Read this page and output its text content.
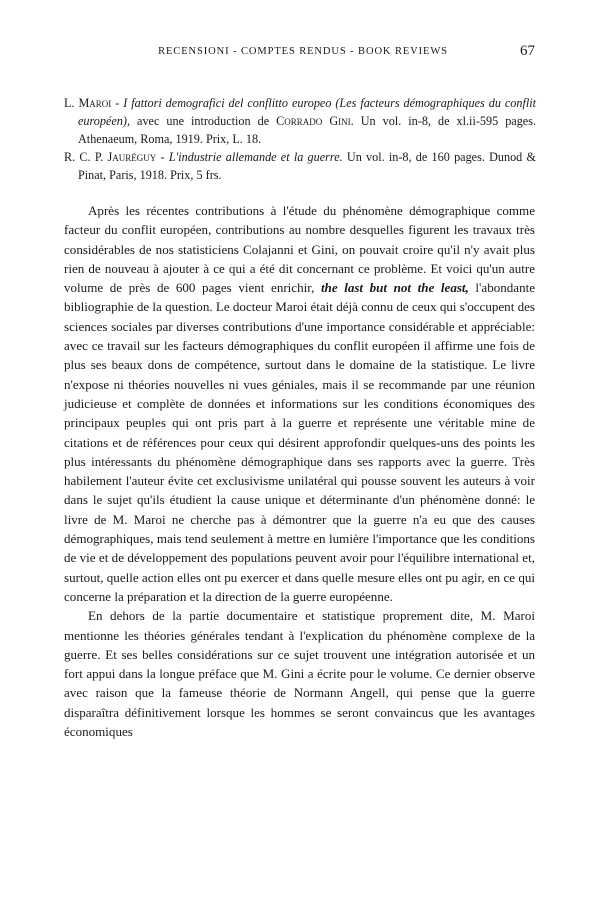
RECENSIONI - COMPTES RENDUS - BOOK REVIEWS	67

L. Maroi - I fattori demografici del conflitto europeo (Les facteurs démographiques du conflit européen), avec une introduction de Corrado Gini. Un vol. in-8, de xl.ii-595 pages. Athenaeum, Roma, 1919. Prix, L. 18.

R. C. P. Jauréguy - L'industrie allemande et la guerre. Un vol. in-8, de 160 pages. Dunod & Pinat, Paris, 1918. Prix, 5 frs.

Après les récentes contributions à l'étude du phénomène démographique comme facteur du conflit européen, contributions au nombre desquelles figurent les travaux très considérables de nos statisticiens Colajanni et Gini, on pouvait croire qu'il n'y avait plus rien de nouveau à ajouter à ce qui a été dit concernant ce problème. Et voici qu'un autre volume de près de 600 pages vient enrichir, the last but not the least, l'abondante bibliographie de la question. Le docteur Maroi était déjà connu de ceux qui s'occupent des sciences sociales par diverses contributions d'une importance considérable et appréciable: avec ce travail sur les facteurs démographiques du conflit européen il affirme une fois de plus ses beaux dons de compétence, surtout dans le domaine de la statistique. Le livre n'expose ni théories nouvelles ni vues géniales, mais il se recommande par une réunion judicieuse et complète de données et informations sur les conditions économiques des principaux peuples qui ont pris part à la guerre et représente une véritable mine de citations et de références pour ceux qui désirent approfondir quelques-uns des points les plus intéressants du phénomène démographique dans ses rapports avec la guerre. Très habilement l'auteur évite cet exclusivisme unilatéral qui pousse souvent les auteurs à voir dans le sujet qu'ils étudient la cause unique et déterminante d'un phénomène donné: le livre de M. Maroi ne cherche pas à démontrer que la guerre n'a eu que des causes démographiques, mais tend seulement à mettre en lumière l'importance que les conditions de vie et de développement des populations peuvent avoir pour l'équilibre international et, surtout, quelle action elles ont pu exercer et dans quelle mesure elles ont pu agir, en ce qui concerne la préparation et la direction de la guerre européenne.

En dehors de la partie documentaire et statistique proprement dite, M. Maroi mentionne les théories générales tendant à l'explication du phénomène complexe de la guerre. Et ses belles considérations sur ce sujet trouvent une intégration autorisée et un fort appui dans la longue préface que M. Gini a écrite pour le volume. Ce dernier observe avec raison que la fameuse théorie de Normann Angell, qui pense que la guerre disparaîtra définitivement lorsque les hommes se seront convaincus que les avantages économiques
